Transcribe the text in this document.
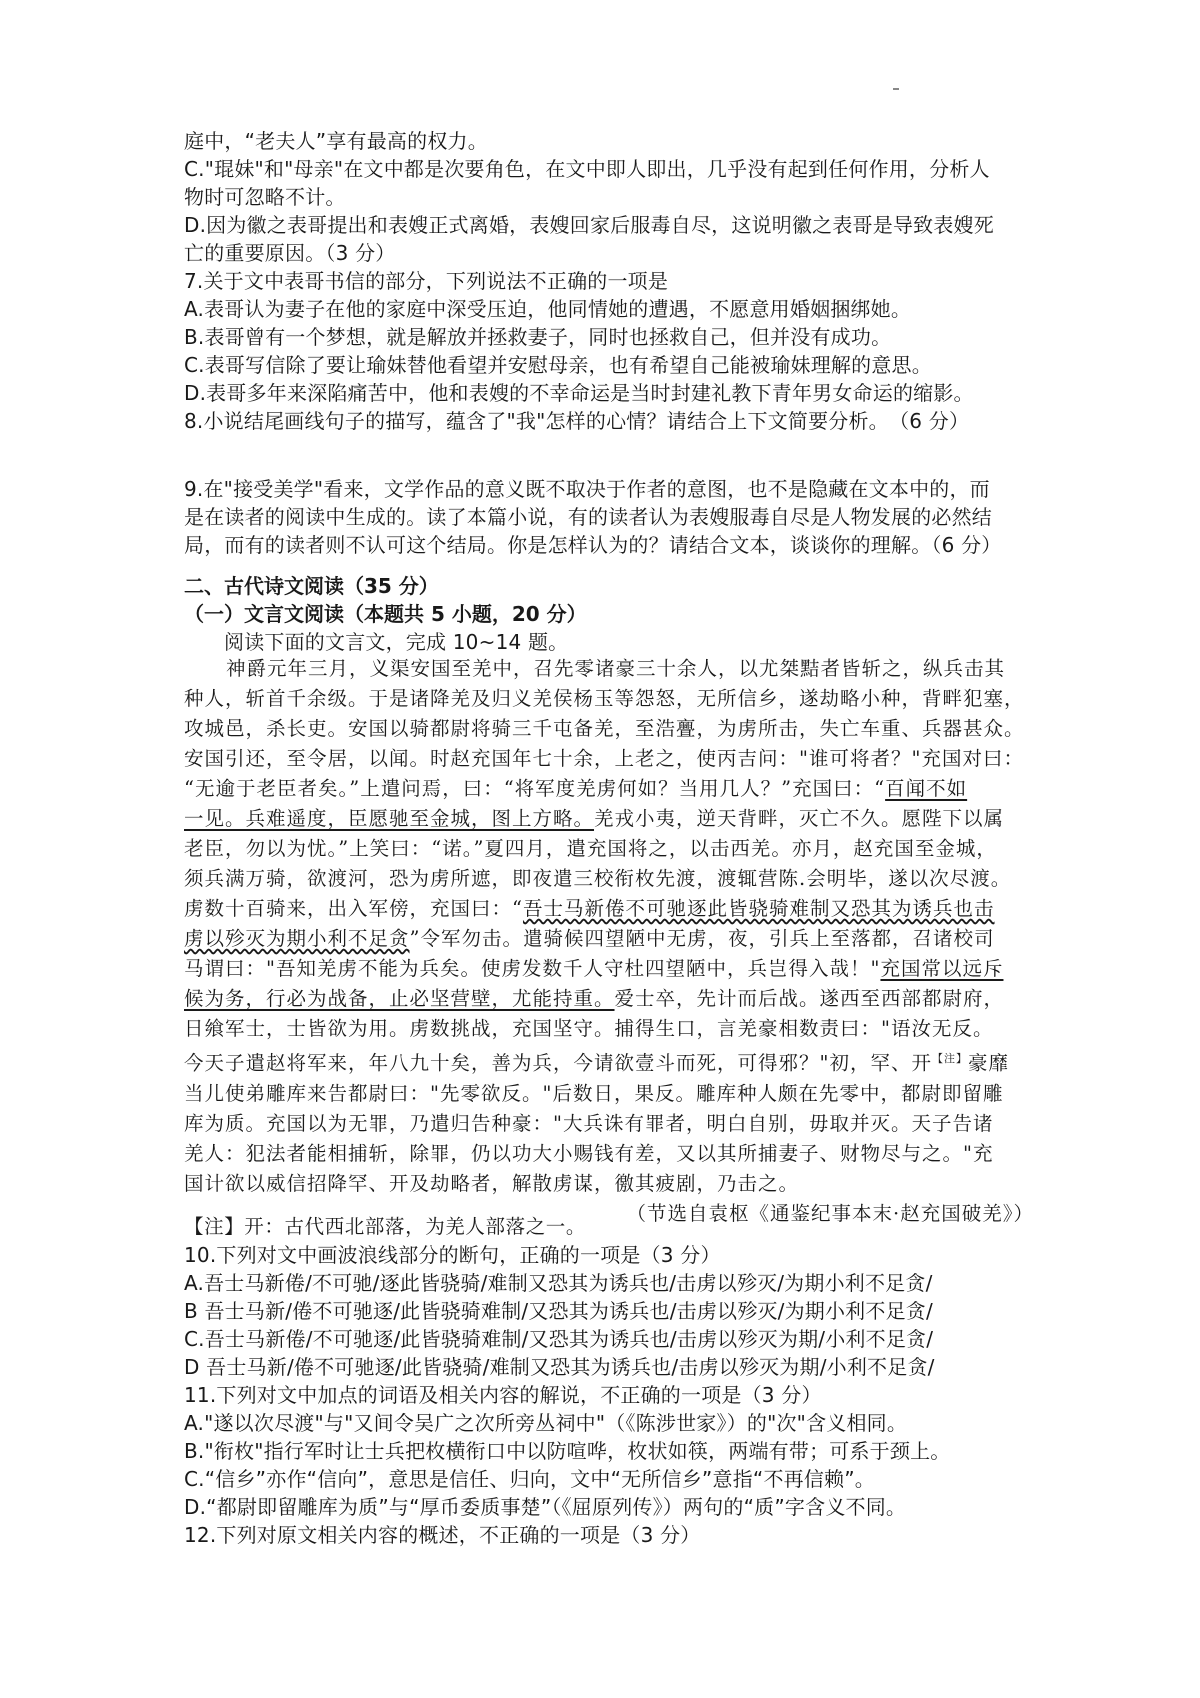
庭中，“老夫人”享有最高的权力。
C."琨妹"和"母亲"在文中都是次要角色，在文中即人即出，几乎没有起到任何作用，分析人
物时可忽略不计。
D.因为徽之表哥提出和表嫂正式离婚，表嫂回家后服毒自尽，这说明徽之表哥是导致表嫂死
亡的重要原因。（3 分）
7.关于文中表哥书信的部分，下列说法不正确的一项是
A.表哥认为妻子在他的家庭中深受压迫，他同情她的遭遇，不愿意用婚姻捆绑她。
B.表哥曾有一个梦想，就是解放并拯救妻子，同时也拯救自己，但并没有成功。
C.表哥写信除了要让瑜妹替他看望并安慰母亲，也有希望自己能被瑜妹理解的意思。
D.表哥多年来深陷痛苦中，他和表嫂的不幸命运是当时封建礼教下青年男女命运的缩影。
8.小说结尾画线句子的描写，蕴含了"我"怎样的心情？请结合上下文简要分析。　（6 分）
9.在"接受美学"看来，文学作品的意义既不取决于作者的意图，也不是隐藏在文本中的，而
是在读者的阅读中生成的。读了本篇小说，有的读者认为表嫂服毒自尽是人物发展的必然结
局，而有的读者则不认可这个结局。你是怎样认为的？请结合文本，谈谈你的理解。（6 分）
二、古代诗文阅读（35 分）
（一）文言文阅读（本题共 5 小题，20 分）
阅读下面的文言文，完成 10~14 题。
神爵元年三月，义渠安国至羌中，召先零诸豪三十余人，以尤桀黠者皆斩之，纵兵击其
种人，斩首千余级。于是诸降羌及归义羌侯杨玉等怨怒，无所信乡，遂劫略小种，背畔犯塞，
攻城邑，杀长吏。安国以骑都尉将骑三千屯备羌，至浩亹，为虏所击，失亡车重、兵器甚众。
安国引还，至令居，以闻。时赵充国年七十余，上老之，使丙吉问："谁可将者？"充国对曰：
“无逾于老臣者矣。”上遣问焉，曰：“将军度羌虏何如？当用几人？”充国曰：“百闻不如
一见。兵难遥度，臣愿驰至金城，图上方略。羌戎小夷，逆天背畔，灭亡不久。愿陛下以属
老臣，勿以为忧。”上笑曰：“诺。”夏四月，遣充国将之，以击西羌。亦月，赵充国至金城，
须兵满万骑，欲渡河，恐为虏所遮，即夜遣三校衔枚先渡，渡辄营陈.会明毕，遂以次尽渡。
虏数十百骑来，出入军傍，充国曰：“吾士马新倦不可驰逐此皆骁骑难制又恐其为诱兵也击
虏以殄灭为期小利不足贪”令军勿击。遣骑候四望陋中无虏，夜，引兵上至落都，召诸校司
马谓曰："吾知羌虏不能为兵矣。使虏发数千人守杜四望陋中，兵岂得入哉！"充国常以远斥
候为务，行必为战备，止必坚营壁，尤能持重。爱士卒，先计而后战。遂西至西部都尉府，
日飨军士，士皆欲为用。虏数挑战，充国坚守。捕得生口，言羌豪相数责曰："语汝无反。
今天子遣赵将军来，年八九十矣，善为兵，今请欲壹斗而死，可得邪？"初，罕、开$^{【注】}$豪靡
当儿使弟雕库来告都尉曰："先零欲反。"后数日，果反。雕库种人颇在先零中，都尉即留雕
库为质。充国以为无罪，乃遣归告种豪："大兵诛有罪者，明白自别，毋取并灭。天子告诸
羌人：犯法者能相捕斩，除罪，仍以功大小赐钱有差，又以其所捕妻子、财物尽与之。"充
国计欲以威信招降罕、开及劫略者，解散虏谋，徼其疲剧，乃击之。
（节选自袁枢《通鉴纪事本末·赵充国破羌》）
【注】开：古代西北部落，为羌人部落之一。
10.下列对文中画波浪线部分的断句，正确的一项是（3 分）
A.吾士马新倦/不可驰/逐此皆骁骑/难制又恐其为诱兵也/击虏以殄灭/为期小利不足贪/
B 吾士马新/倦不可驰逐/此皆骁骑难制/又恐其为诱兵也/击虏以殄灭/为期小利不足贪/
C.吾士马新倦/不可驰逐/此皆骁骑难制/又恐其为诱兵也/击虏以殄灭为期/小利不足贪/
D 吾士马新/倦不可驰逐/此皆骁骑/难制又恐其为诱兵也/击虏以殄灭为期/小利不足贪/
11.下列对文中加点的词语及相关内容的解说，不正确的一项是（3 分）
A."遂以次尽渡"与"又间令吴广之次所旁丛祠中"（《陈涉世家》）的"次"含义相同。
B."衔枚"指行军时让士兵把枚横衔口中以防喧哗，枚状如筷，两端有带；可系于颈上。
C.“信乡”亦作“信向”，意思是信任、归向，文中“无所信乡”意指“不再信赖”。
D.“都尉即留雕库为质”与“厚币委质事楚”（《屈原列传》）两句的“质”字含义不同。
12.下列对原文相关内容的概述，不正确的一项是（3 分）
